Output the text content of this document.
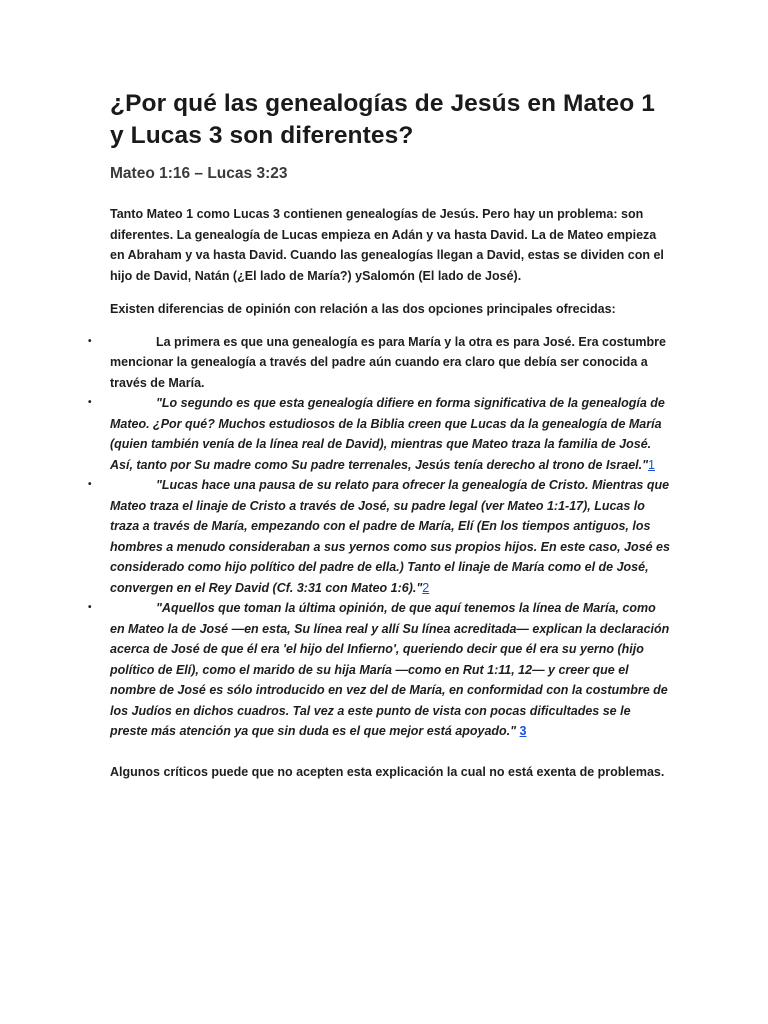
¿Por qué las genealogías de Jesús en Mateo 1 y Lucas 3 son diferentes?
Mateo 1:16 – Lucas 3:23

Tanto Mateo 1 como Lucas 3 contienen genealogías de Jesús. Pero hay un problema: son diferentes. La genealogía de Lucas empieza en Adán y va hasta David. La de Mateo empieza en Abraham y va hasta David. Cuando las genealogías llegan a David, estas se dividen con el hijo de David, Natán (¿El lado de María?) ySalomón (El lado de José).

Existen diferencias de opinión con relación a las dos opciones principales ofrecidas:

•	La primera es que una genealogía es para María y la otra es para José. Era costumbre mencionar la genealogía a través del padre aún cuando era claro que debía ser conocida a través de María.
•	"Lo segundo es que esta genealogía difiere en forma significativa de la genealogía de Mateo. ¿Por qué? Muchos estudiosos de la Biblia creen que Lucas da la genealogía de María (quien también venía de la línea real de David), mientras que Mateo traza la familia de José. Así, tanto por Su madre como Su padre terrenales, Jesús tenía derecho al trono de Israel."1
•	"Lucas hace una pausa de su relato para ofrecer la genealogía de Cristo. Mientras que Mateo traza el linaje de Cristo a través de José, su padre legal (ver Mateo 1:1-17), Lucas lo traza a través de María, empezando con el padre de María, Elí (En los tiempos antiguos, los hombres a menudo consideraban a sus yernos como sus propios hijos. En este caso, José es considerado como hijo político del padre de ella.) Tanto el linaje de María como el de José, convergen en el Rey David (Cf. 3:31 con Mateo 1:6)."2
•	"Aquellos que toman la última opinión, de que aquí tenemos la línea de María, como en Mateo la de José —en esta, Su línea real y allí Su línea acreditada— explican la declaración acerca de José de que él era 'el hijo del Infierno', queriendo decir que él era su yerno (hijo político de Elí), como el marido de su hija María —como en Rut 1:11, 12— y creer que el nombre de José es sólo introducido en vez del de María, en conformidad con la costumbre de los Judíos en dichos cuadros. Tal vez a este punto de vista con pocas dificultades se le preste más atención ya que sin duda es el que mejor está apoyado." 3

Algunos críticos puede que no acepten esta explicación la cual no está exenta de problemas.
